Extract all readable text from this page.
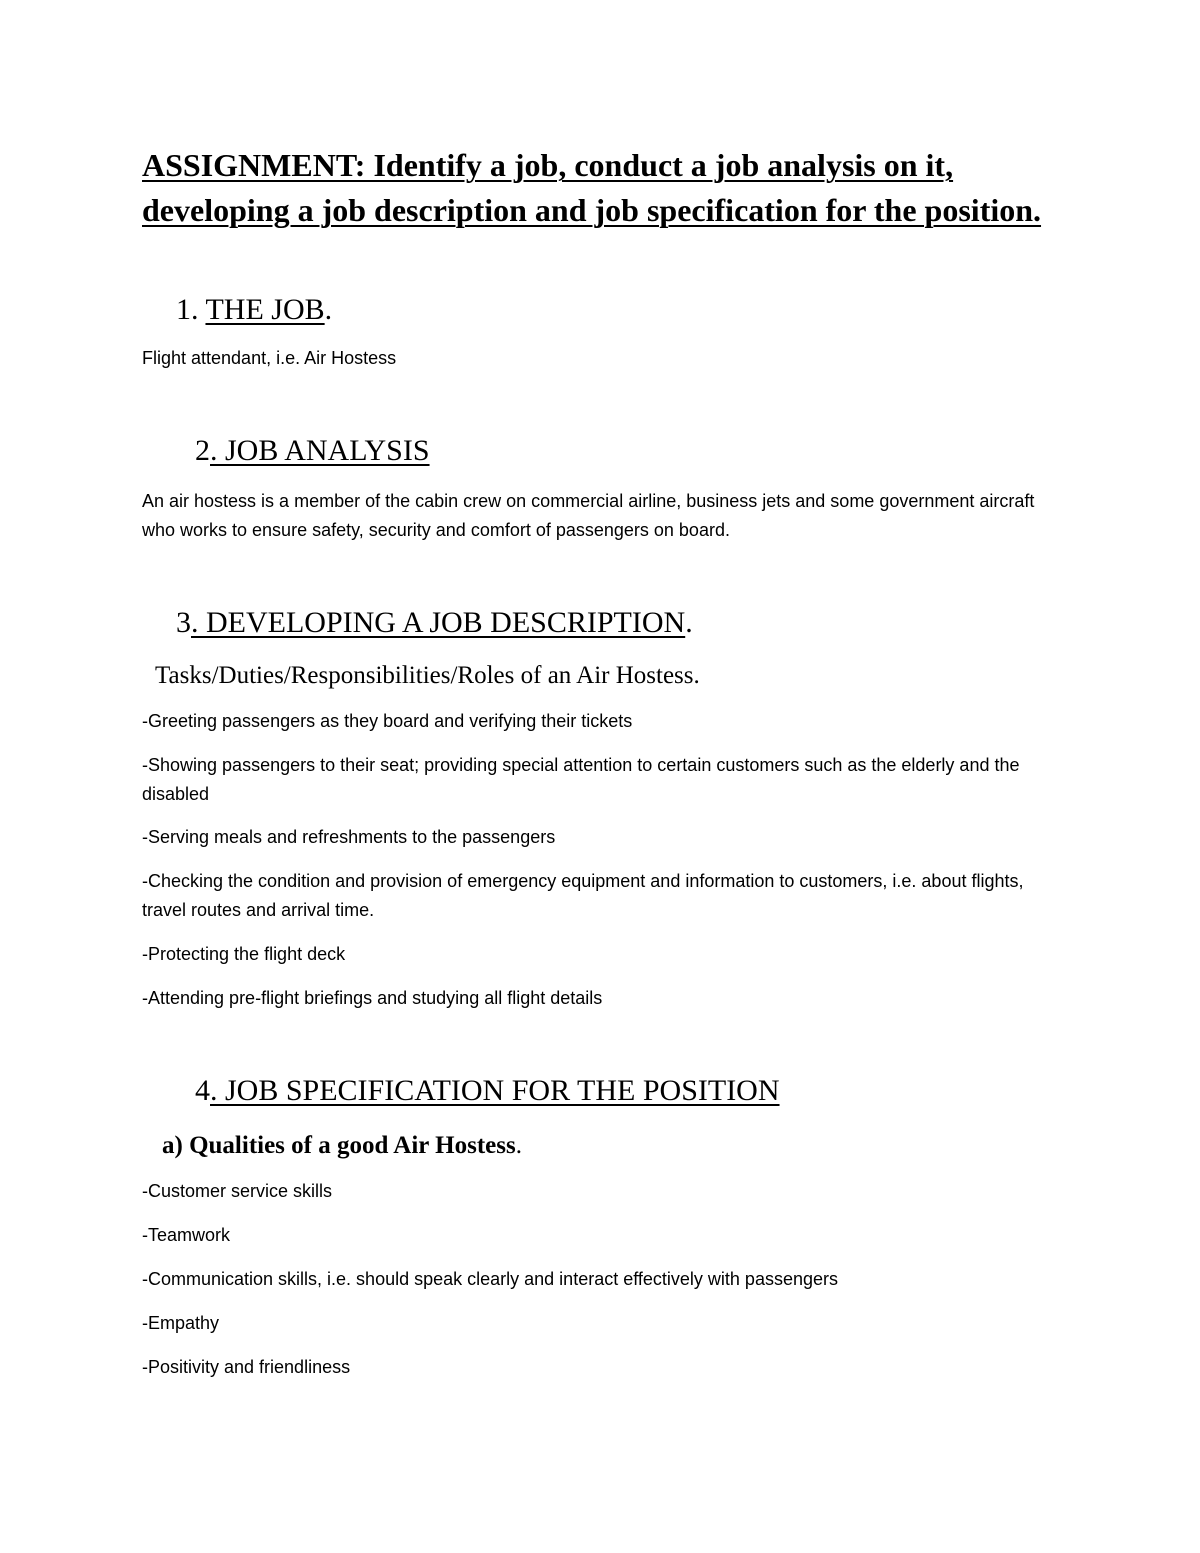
ASSIGNMENT: Identify a job, conduct a job analysis on it, developing a job description and job specification for the position.
1. THE JOB.
Flight attendant, i.e. Air Hostess
2. JOB ANALYSIS
An air hostess is a member of the cabin crew on commercial airline, business jets and some government aircraft who works to ensure safety, security and comfort of passengers on board.
3. DEVELOPING A JOB DESCRIPTION.
Tasks/Duties/Responsibilities/Roles of an Air Hostess.
-Greeting passengers as they board and verifying their tickets
-Showing passengers to their seat; providing special attention to certain customers such as the elderly and the disabled
-Serving meals and refreshments to the passengers
-Checking the condition and provision of emergency equipment and information to customers, i.e. about flights, travel routes and arrival time.
-Protecting the flight deck
-Attending pre-flight briefings and studying all flight details
4. JOB SPECIFICATION FOR THE POSITION
a) Qualities of a good Air Hostess.
-Customer service skills
-Teamwork
-Communication skills, i.e. should speak clearly and interact effectively with passengers
-Empathy
-Positivity and friendliness
